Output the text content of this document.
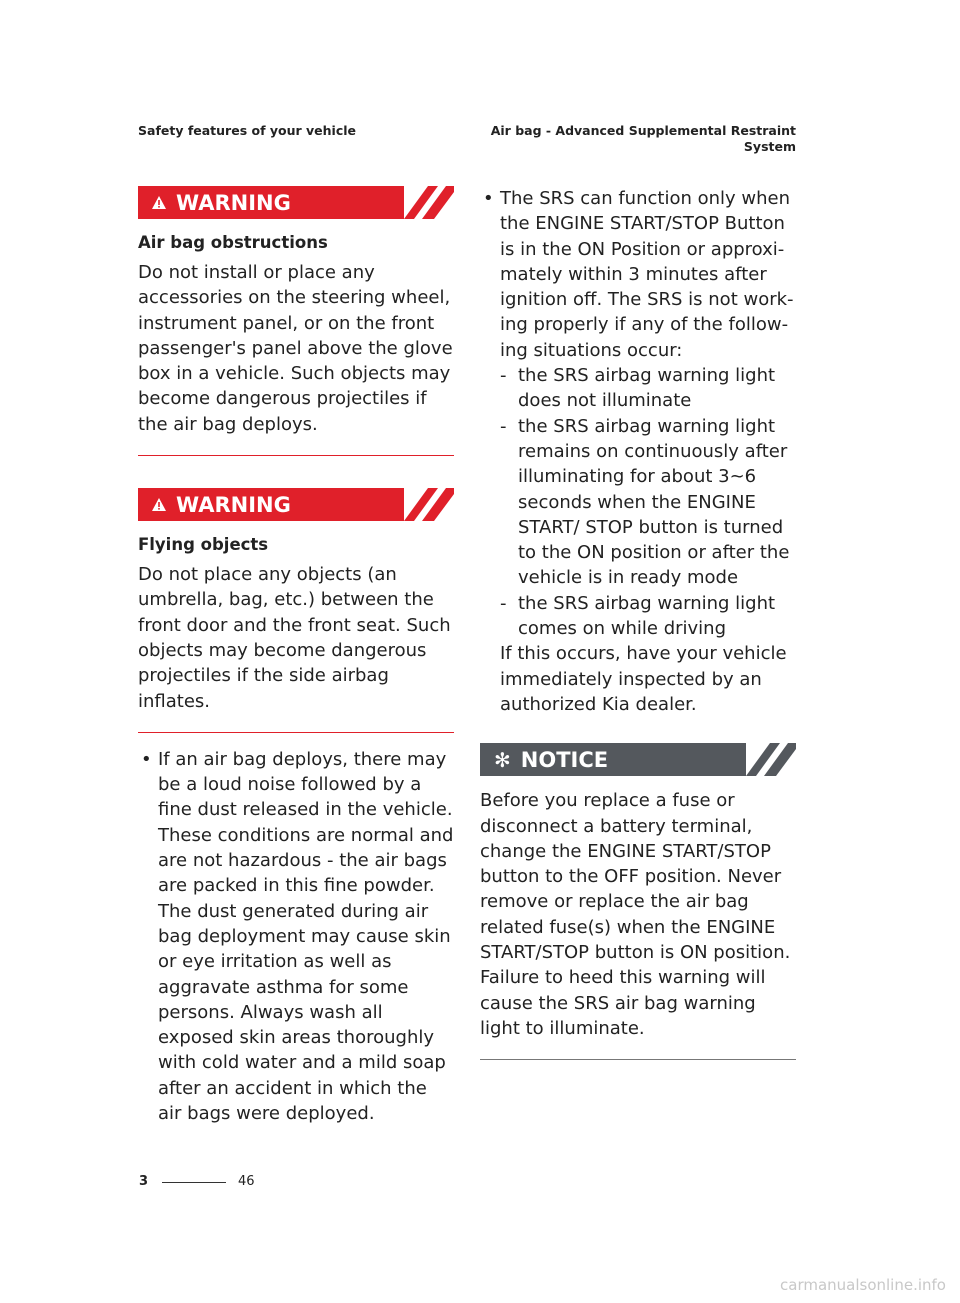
Safety features of your vehicle	Air bag - Advanced Supplemental Restraint System
WARNING
Air bag obstructions
Do not install or place any accessories on the steering wheel, instrument panel, or on the front passenger's panel above the glove box in a vehicle. Such objects may become dangerous projectiles if the air bag deploys.
WARNING
Flying objects
Do not place any objects (an umbrella, bag, etc.) between the front door and the front seat. Such objects may become dangerous projectiles if the side airbag inflates.
• If an air bag deploys, there may be a loud noise followed by a fine dust released in the vehicle. These conditions are normal and are not hazardous - the air bags are packed in this fine powder. The dust generated during air bag deployment may cause skin or eye irritation as well as aggravate asthma for some persons. Always wash all exposed skin areas thoroughly with cold water and a mild soap after an accident in which the air bags were deployed.
• The SRS can function only when the ENGINE START/STOP Button is in the ON Position or approximately within 3 minutes after ignition off. The SRS is not working properly if any of the following situations occur:
- the SRS airbag warning light does not illuminate
- the SRS airbag warning light remains on continuously after illuminating for about 3~6 seconds when the ENGINE START/ STOP button is turned to the ON position or after the vehicle is in ready mode
- the SRS airbag warning light comes on while driving
If this occurs, have your vehicle immediately inspected by an authorized Kia dealer.
✻ NOTICE
Before you replace a fuse or disconnect a battery terminal, change the ENGINE START/STOP button to the OFF position. Never remove or replace the air bag related fuse(s) when the ENGINE START/STOP button is ON position. Failure to heed this warning will cause the SRS air bag warning light to illuminate.
3	46
carmanualsonline.info
